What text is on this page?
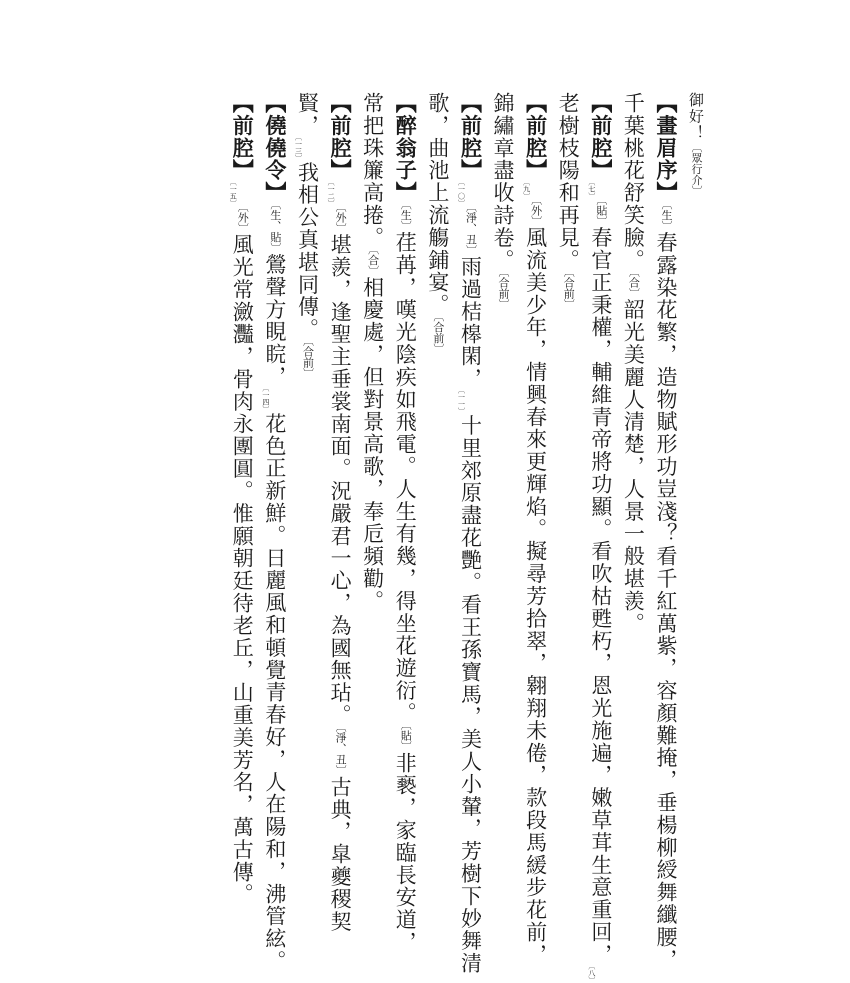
御好！〔眾行介〕
【畫眉序】〔生〕春露染花繁，造物賦形功豈淺？看千紅萬紫，容顏難掩，垂楊柳綬舞纖腰，
千葉桃花舒笑臉。〔合〕韶光美麗人清楚，人景一般堪羨。
【前腔】〔七〕〔貼〕春官正秉權，輔維青帝將功顯。看吹枯甦朽，恩光施遍，嫩草茸生意重回，〔八〕
老樹枝陽和再見。〔合前〕
【前腔】〔九〕〔外〕風流美少年，情興春來更輝焰。擬尋芳拾翠，翱翔未倦，款段馬緩步花前，
錦繡章盡收詩卷。〔合前〕
【前腔】〔一〇〕〔淨、丑〕雨過桔槔閑，〔一一〕十里郊原盡花艷。看王孫寶馬，美人小輦，芳樹下妙舞清
歌，曲池上流觴鋪宴。〔合前〕
【醉翁子】〔生〕荏苒，嘆光陰疾如飛電。人生有幾，得坐花遊衍。〔貼〕非褻，家臨長安道，
常把珠簾高捲。〔合〕相慶處，但對景高歌，奉卮頻勸。
【前腔】〔一二〕〔外〕堪羨，逢聖主垂裳南面。況嚴君一心，為國無玷。〔淨、丑〕古典，皐夔稷契
賢，〔一三〕我相公真堪同傳。〔合前〕
【僥僥令】〔生、貼〕鶯聲方睍睆，〔一四〕花色正新鮮。日麗風和頓覺青春好，人在陽和，沸管絃。
【前腔】〔一五〕〔外〕風光常瀲灩，骨肉永團圓。惟願朝廷待老丘，山重美芳名，萬古傳。
